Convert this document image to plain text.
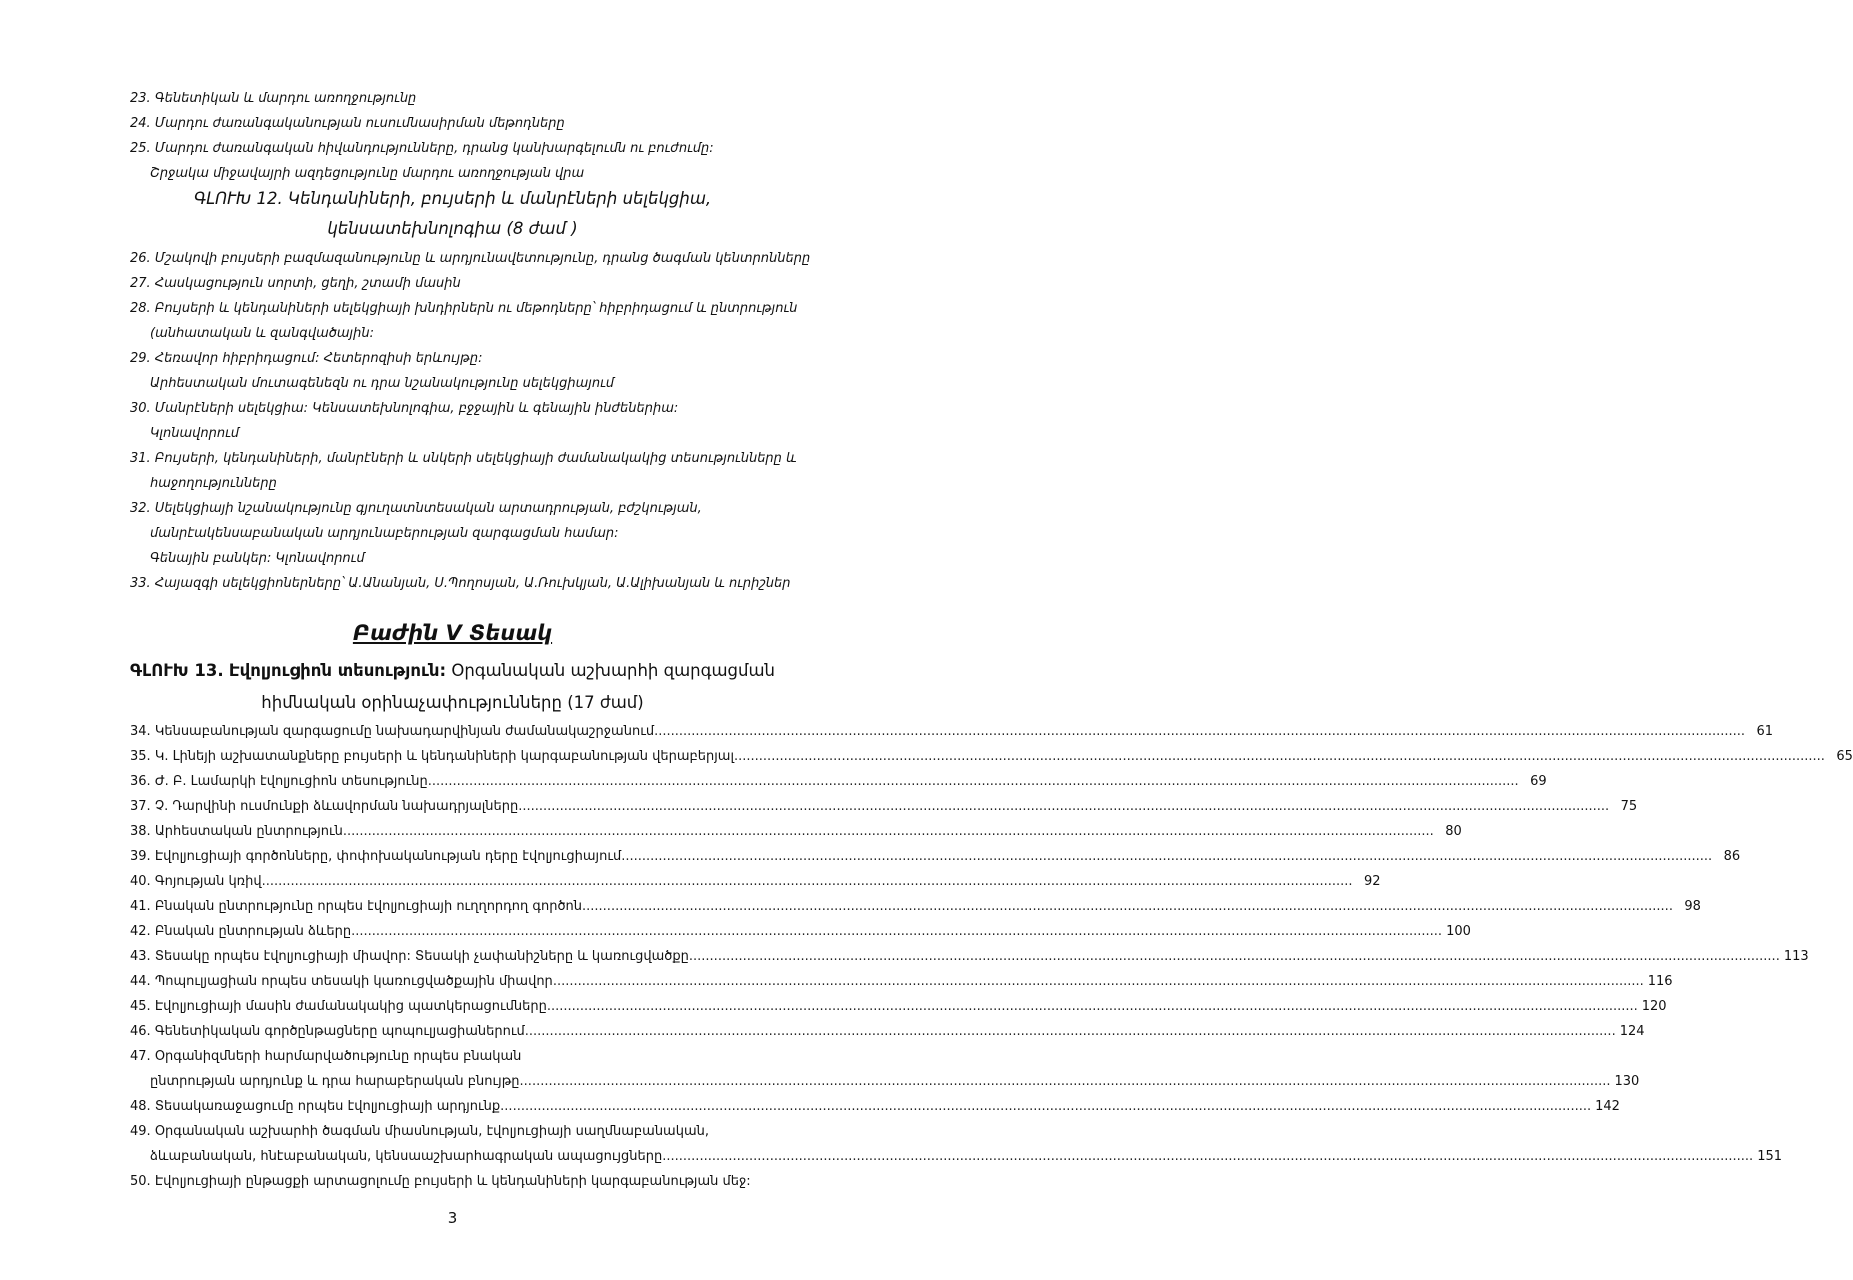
23. Գենետիկան և մարդու առողջությունը
24. Մարդու ժառանգականության ուսումնասիրման մեթոդները
25. Մարդու ժառանգական հիվանդությունները, դրանց կանխարգելումն ու բուժումը:
Շրջակա միջավայրի ազդեցությունը մարդու առողջության վրա
ԳԼՈՒԽ 12. Կենդանիների, բույսերի և մանրէների սելեկցիա,
կենսատեխնոլոգիա (8 ժամ )
26. Մշակովի բույսերի բազմազանությունը և արդյունավետությունը, դրանց ծագման կենտրոնները
27. Հասկացություն սորտի, ցեղի, շտամի մասին
28. Բույսերի և կենդանիների սելեկցիայի խնդիրներն ու մեթոդները՝ հիբրիդացում և ընտրություն
(անհատական և զանգվածային:
29. Հեռավոր հիբրիդացում: Հետերոզիսի երևույթը:
Արհեստական մուտագենեզն ու դրա նշանակությունը սելեկցիայում
30. Մանրէների սելեկցիա: Կենսատեխնոլոգիա, բջջային և գենային ինժեներիա:
Կլոնավորում
31. Բույսերի, կենդանիների, մանրէների և սնկերի սելեկցիայի ժամանակակից տեսությունները և
հաջողությունները
32. Սելեկցիայի նշանակությունը գյուղատնտեսական արտադրության, բժշկության,
մանրէակենսաբանական արդյունաբերության զարգացման համար:
Գենային բանկեր: Կլոնավորում
33. Հայազգի սելեկցիոներները՝ Ա.Անանյան, Ս.Պողոսյան, Ա.Ռուխկյան, Ա.Ալիխանյան և ուրիշներ
Բաժին V Տեսակ
ԳԼՈՒԽ 13. Էվոլյուցիոն տեսություն: Օրգանական աշխարհի զարգացման
հիմնական օրինաչափությունները (17 ժամ)
34. Կենսաբանության զարգացումը նախադարվինյան ժամանակաշրջանում .....	61
35. Կ. Լինեյի աշխատանքները բույսերի և կենդանիների կարգաբանության վերաբերյալ .....	65
36. Ժ. Բ. Լամարկի էվոլյուցիոն տեսությունը .....	69
37. Չ. Դարվինի ուսմունքի ձևավորման նախադրյալները .....	75
38. Արհեստական ընտրություն .....	80
39. Էվոլյուցիայի գործոնները, փոփոխականության դերը էվոլյուցիայում .....	86
40. Գոյության կռիվ .....	92
41. Բնական ընտրությունը որպես էվոլյուցիայի ուղղորդող գործոն .....	98
42. Բնական ընտրության ձևերը .....	100
43. Տեսակը որպես էվոլյուցիայի միավոր: Տեսակի չափանիշները և կառուցվածքը .....	113
44. Պոպուլյացիան որպես տեսակի կառուցվածքային միավոր .....	116
45. Էվոլյուցիայի մասին ժամանակակից պատկերացումները .....	120
46. Գենետիկական գործընթացները պոպուլյացիաներում .....	124
47. Օրգանիզմների հարմարվածությունը որպես բնական
ընտրության արդյունք և դրա հարաբերական բնույթը .....	130
48. Տեսակառաջացումը որպես էվոլյուցիայի արդյունք .....	142
49. Օրգանական աշխարհի ծագման միասնության, էվոլյուցիայի սաղմնաբանական,
ձևաբանական, հնէաբանական, կենսաաշխարհագրական ապացույցները .....	151
50. Էվոլյուցիայի ընթացքի արտացոլումը բույսերի և կենդանիների կարգաբանության մեջ:
3
